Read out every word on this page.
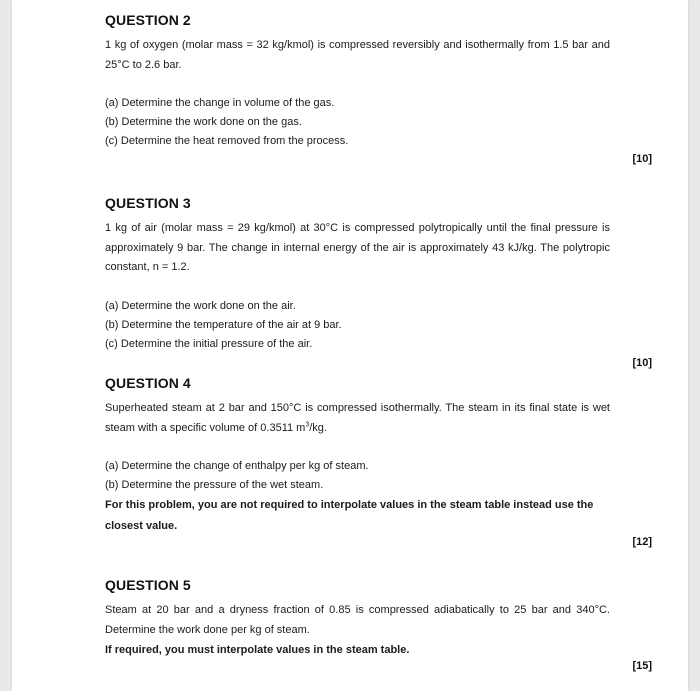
QUESTION 2
1 kg of oxygen (molar mass = 32 kg/kmol) is compressed reversibly and isothermally from 1.5 bar and 25°C to 2.6 bar.
(a) Determine the change in volume of the gas.
(b) Determine the work done on the gas.
(c) Determine the heat removed from the process.
[10]
QUESTION 3
1 kg of air (molar mass = 29 kg/kmol) at 30°C is compressed polytropically until the final pressure is approximately 9 bar. The change in internal energy of the air is approximately 43 kJ/kg. The polytropic constant, n = 1.2.
(a) Determine the work done on the air.
(b) Determine the temperature of the air at 9 bar.
(c) Determine the initial pressure of the air.
[10]
QUESTION 4
Superheated steam at 2 bar and 150°C is compressed isothermally. The steam in its final state is wet steam with a specific volume of 0.3511 $m^3/kg$.
(a) Determine the change of enthalpy per kg of steam.
(b) Determine the pressure of the wet steam.
For this problem, you are not required to interpolate values in the steam table instead use the closest value.
[12]
QUESTION 5
Steam at 20 bar and a dryness fraction of 0.85 is compressed adiabatically to 25 bar and 340°C. Determine the work done per kg of steam.
If required, you must interpolate values in the steam table.
[15]
